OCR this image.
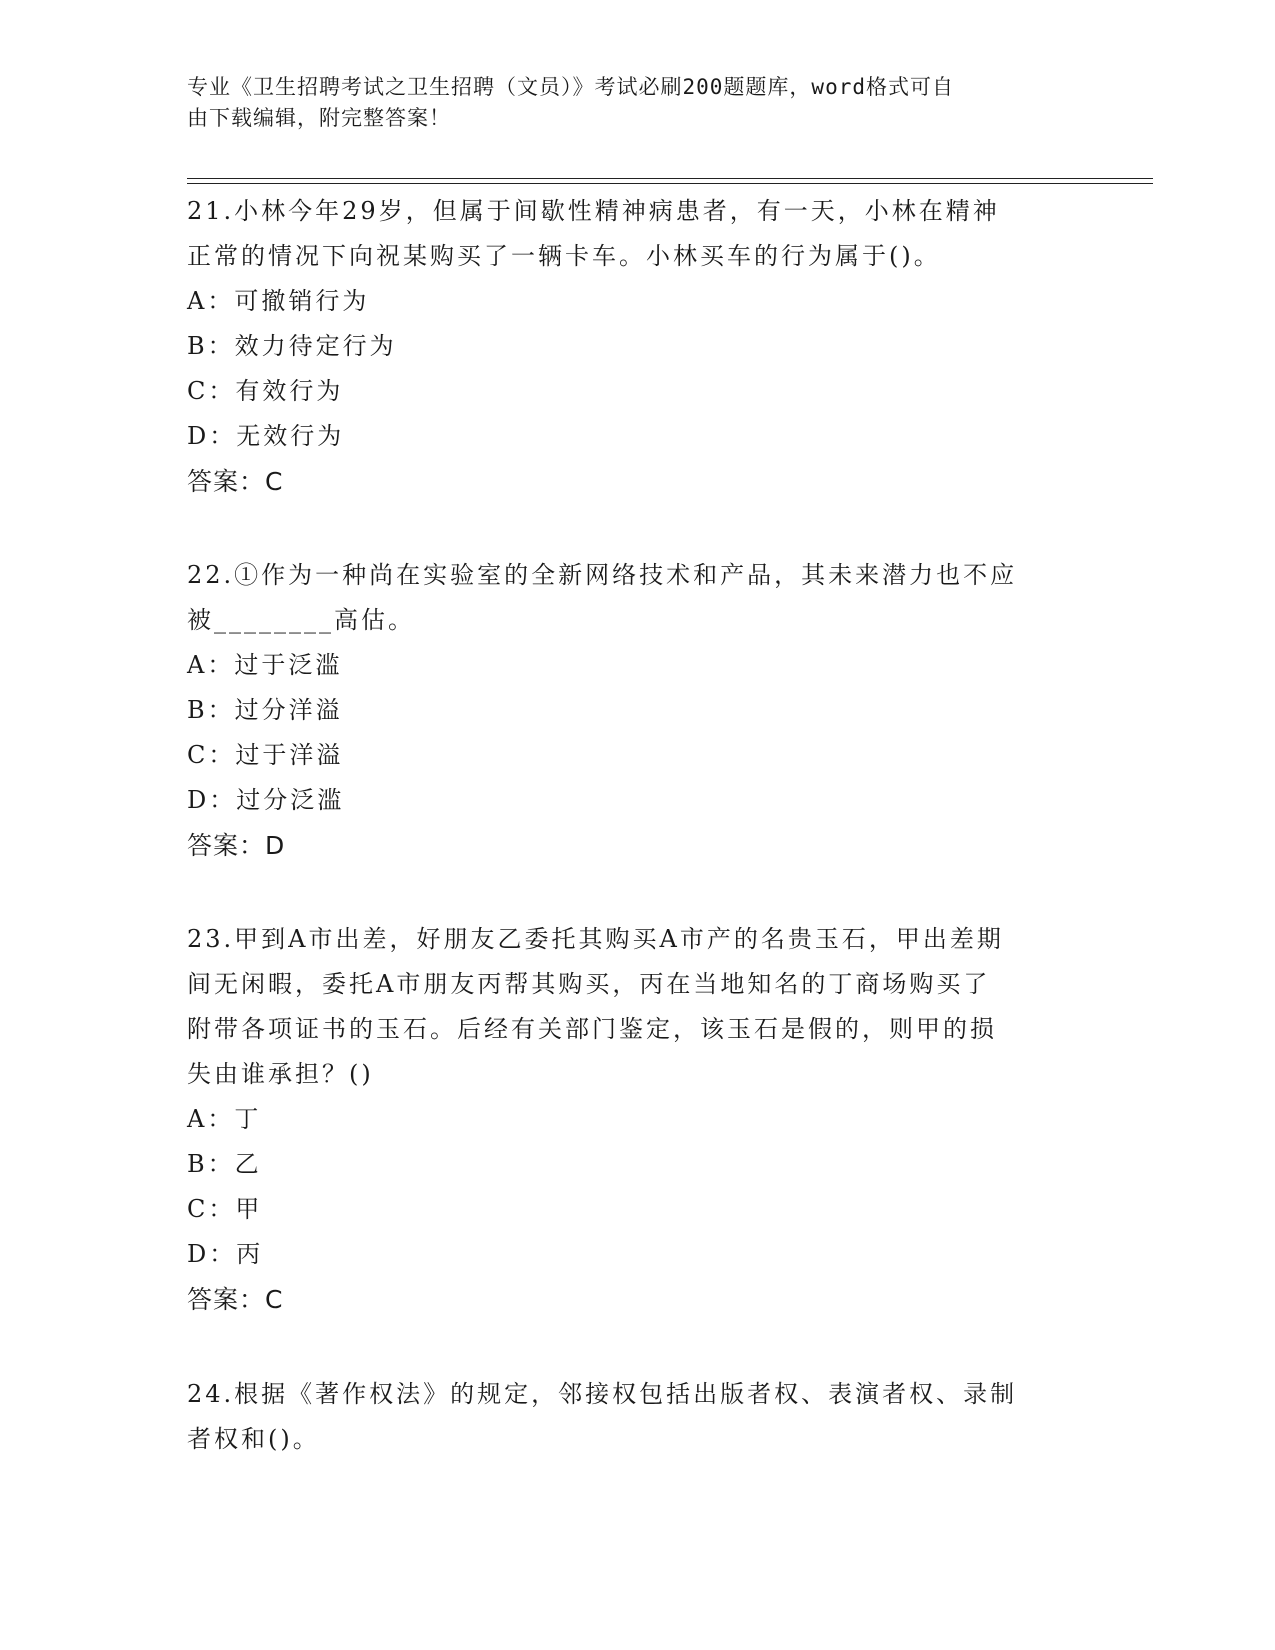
专业《卫生招聘考试之卫生招聘（文员）》考试必刷200题题库，word格式可自
由下载编辑，附完整答案！

21.小林今年29岁，但属于间歇性精神病患者，有一天，小林在精神

正常的情况下向祝某购买了一辆卡车。小林买车的行为属于()。

A：可撤销行为

B：效力待定行为

C：有效行为

D：无效行为

答案：C

22.①作为一种尚在实验室的全新网络技术和产品，其未来潜力也不应

被________高估。

A：过于泛滥

B：过分洋溢

C：过于洋溢

D：过分泛滥

答案：D

23.甲到A市出差，好朋友乙委托其购买A市产的名贵玉石，甲出差期

间无闲暇，委托A市朋友丙帮其购买，丙在当地知名的丁商场购买了

附带各项证书的玉石。后经有关部门鉴定，该玉石是假的，则甲的损

失由谁承担？()

A：丁

B：乙

C：甲

D：丙

答案：C

24.根据《著作权法》的规定，邻接权包括出版者权、表演者权、录制

者权和()。
